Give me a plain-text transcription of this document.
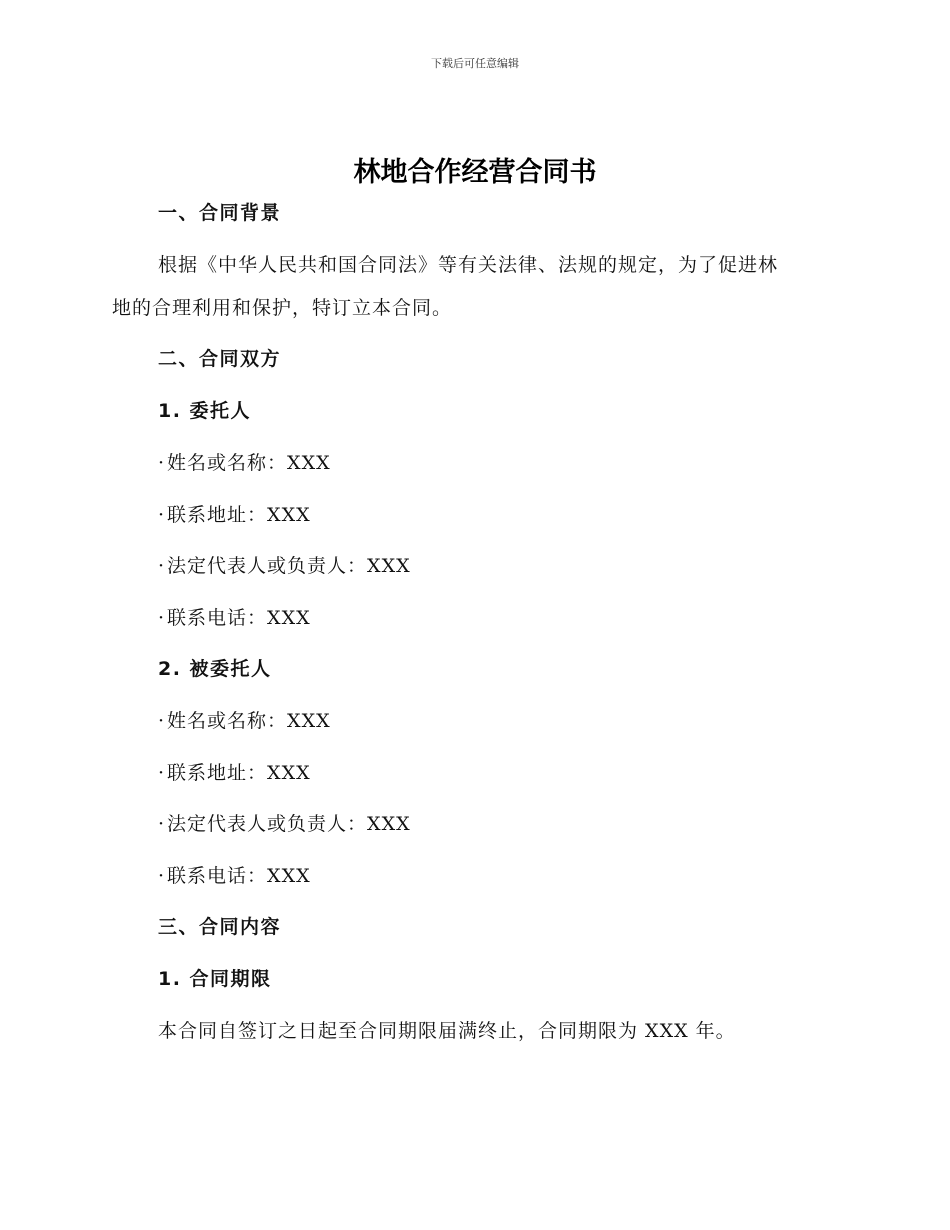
下载后可任意编辑
林地合作经营合同书
一、合同背景
根据《中华人民共和国合同法》等有关法律、法规的规定，为了促进林
地的合理利用和保护，特订立本合同。
二、合同双方
1. 委托人
· 姓名或名称：XXX
· 联系地址：XXX
· 法定代表人或负责人：XXX
· 联系电话：XXX
2. 被委托人
· 姓名或名称：XXX
· 联系地址：XXX
· 法定代表人或负责人：XXX
· 联系电话：XXX
三、合同内容
1. 合同期限
本合同自签订之日起至合同期限届满终止，合同期限为 XXX 年。
